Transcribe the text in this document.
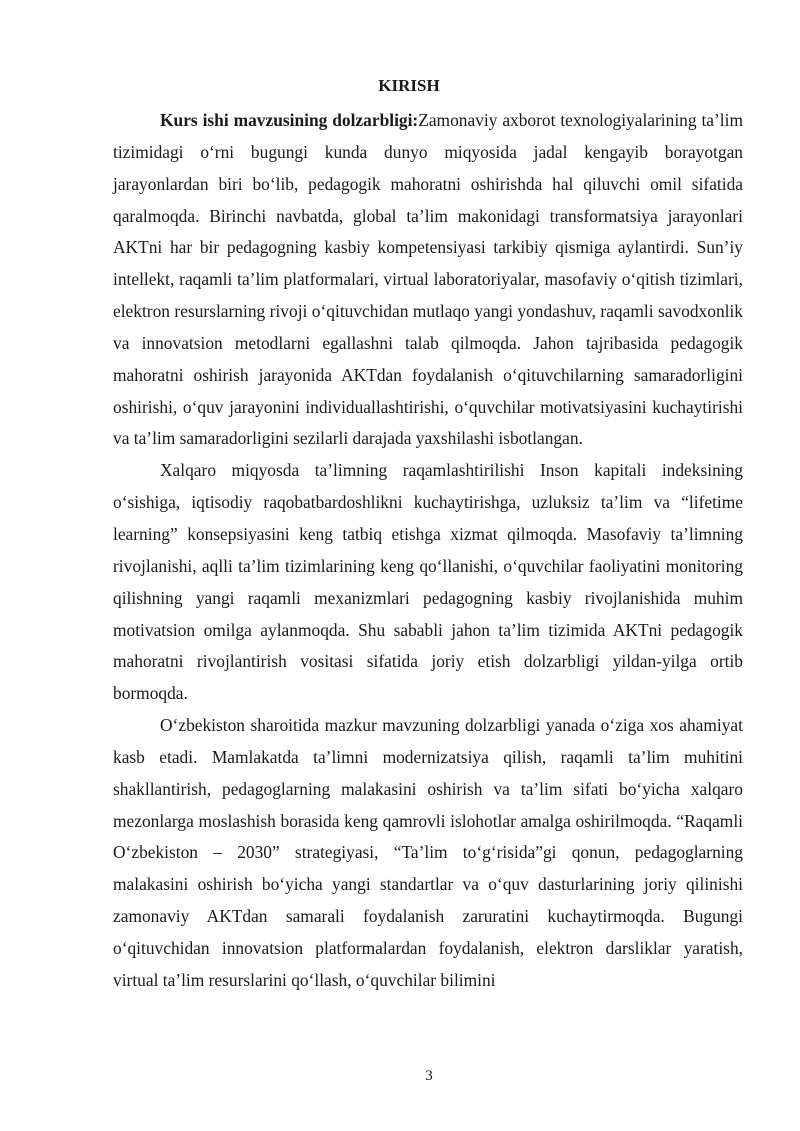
KIRISH

Kurs ishi mavzusining dolzarbligi:Zamonaviy axborot texnologiyalarining ta’lim tizimidagi o‘rni bugungi kunda dunyo miqyosida jadal kengayib borayotgan jarayonlardan biri bo‘lib, pedagogik mahoratni oshirishda hal qiluvchi omil sifatida qaralmoqda. Birinchi navbatda, global ta’lim makonidagi transformatsiya jarayonlari AKTni har bir pedagogning kasbiy kompetensiyasi tarkibiy qismiga aylantirdi. Sun’iy intellekt, raqamli ta’lim platformalari, virtual laboratoriyalar, masofaviy o‘qitish tizimlari, elektron resurslarning rivoji o‘qituvchidan mutlaqo yangi yondashuv, raqamli savodxonlik va innovatsion metodlarni egallashni talab qilmoqda. Jahon tajribasida pedagogik mahoratni oshirish jarayonida AKTdan foydalanish o‘qituvchilarning samaradorligini oshirishi, o‘quv jarayonini individuallashtirishi, o‘quvchilar motivatsiyasini kuchaytirishi va ta’lim samaradorligini sezilarli darajada yaxshilashi isbotlangan.

Xalqaro miqyosda ta’limning raqamlashtirilishi Inson kapitali indeksining o‘sishiga, iqtisodiy raqobatbardoshlikni kuchaytirishga, uzluksiz ta’lim va “lifetime learning” konsepsiyasini keng tatbiq etishga xizmat qilmoqda. Masofaviy ta’limning rivojlanishi, aqlli ta’lim tizimlarining keng qo‘llanishi, o‘quvchilar faoliyatini monitoring qilishning yangi raqamli mexanizmlari pedagogning kasbiy rivojlanishida muhim motivatsion omilga aylanmoqda. Shu sababli jahon ta’lim tizimida AKTni pedagogik mahoratni rivojlantirish vositasi sifatida joriy etish dolzarbligi yildan-yilga ortib bormoqda.

O‘zbekiston sharoitida mazkur mavzuning dolzarbligi yanada o‘ziga xos ahamiyat kasb etadi. Mamlakatda ta’limni modernizatsiya qilish, raqamli ta’lim muhitini shakllantirish, pedagoglarning malakasini oshirish va ta’lim sifati bo‘yicha xalqaro mezonlarga moslashish borasida keng qamrovli islohotlar amalga oshirilmoqda. “Raqamli O‘zbekiston – 2030” strategiyasi, “Ta’lim to‘g‘risida”gi qonun, pedagoglarning malakasini oshirish bo‘yicha yangi standartlar va o‘quv dasturlarining joriy qilinishi zamonaviy AKTdan samarali foydalanish zaruratini kuchaytirmoqda. Bugungi o‘qituvchidan innovatsion platformalardan foydalanish, elektron darsliklar yaratish, virtual ta’lim resurslarini qo‘llash, o‘quvchilar bilimini

3
